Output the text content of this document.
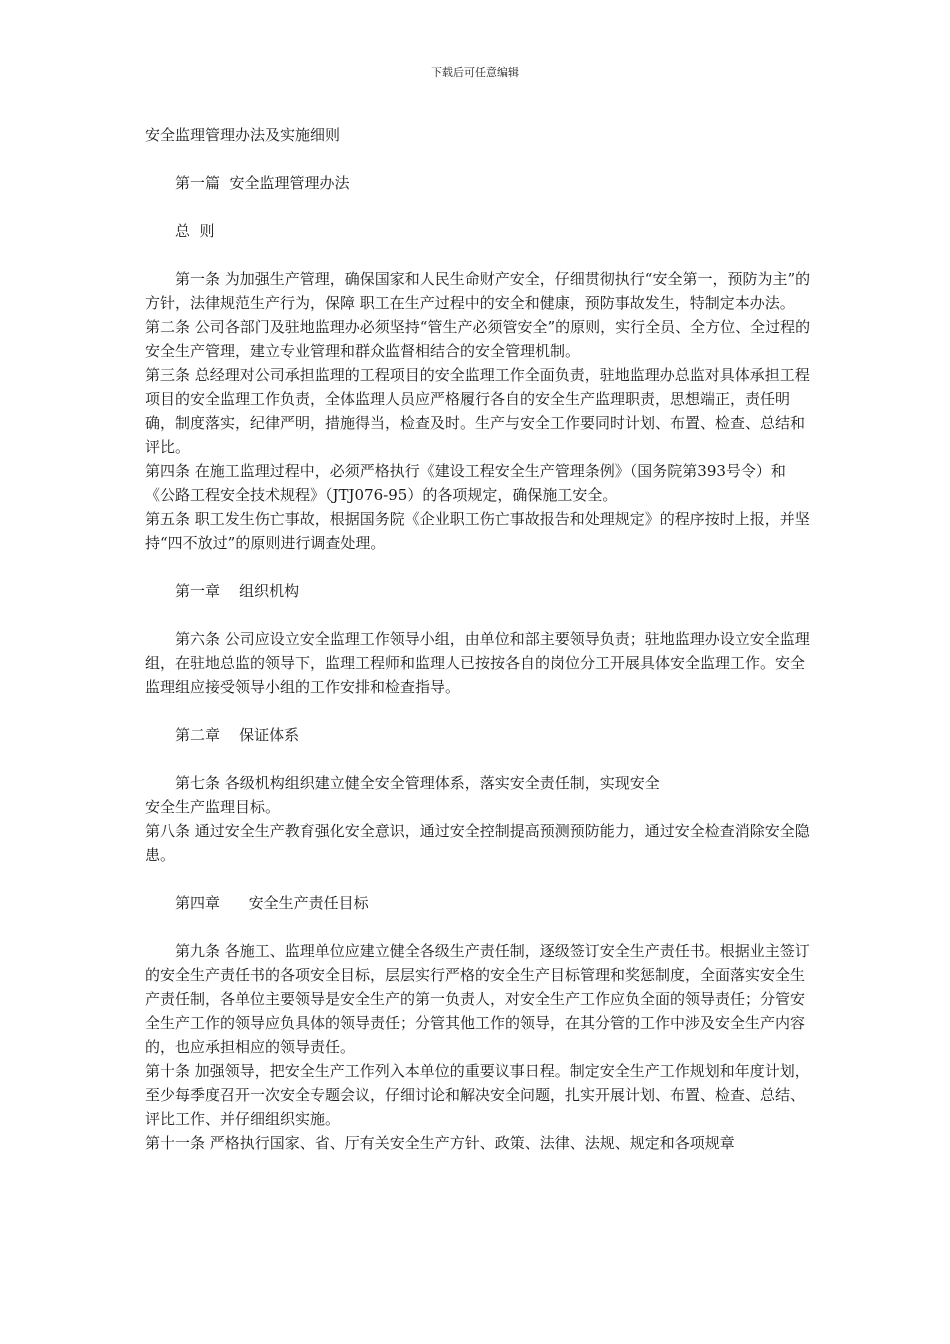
下载后可任意编辑

安全监理管理办法及实施细则

第一篇  安全监理管理办法

总  则

第一条 为加强生产管理，确保国家和人民生命财产安全，仔细贯彻执行“安全第一，预防为主”的方针，法律规范生产行为，保障 职工在生产过程中的安全和健康，预防事故发生，特制定本办法。

第二条 公司各部门及驻地监理办必须坚持“管生产必须管安全”的原则，实行全员、全方位、全过程的安全生产管理，建立专业管理和群众监督相结合的安全管理机制。

第三条 总经理对公司承担监理的工程项目的安全监理工作全面负责，驻地监理办总监对具体承担工程项目的安全监理工作负责，全体监理人员应严格履行各自的安全生产监理职责，思想端正，责任明确，制度落实，纪律严明，措施得当，检查及时。生产与安全工作要同时计划、布置、检查、总结和评比。

第四条 在施工监理过程中，必须严格执行《建设工程安全生产管理条例》（国务院第393号令）和《公路工程安全技术规程》（JTJ076-95）的各项规定，确保施工安全。

第五条 职工发生伤亡事故，根据国务院《企业职工伤亡事故报告和处理规定》的程序按时上报，并坚持“四不放过”的原则进行调查处理。

第一章    组织机构

第六条 公司应设立安全监理工作领导小组，由单位和部主要领导负责；驻地监理办设立安全监理组，在驻地总监的领导下，监理工程师和监理人已按按各自的岗位分工开展具体安全监理工作。安全监理组应接受领导小组的工作安排和检查指导。

第二章    保证体系

第七条 各级机构组织建立健全安全管理体系，落实安全责任制，实现安全

安全生产监理目标。

第八条 通过安全生产教育强化安全意识，通过安全控制提高预测预防能力，通过安全检查消除安全隐患。

第四章      安全生产责任目标

第九条 各施工、监理单位应建立健全各级生产责任制，逐级签订安全生产责任书。根据业主签订的安全生产责任书的各项安全目标，层层实行严格的安全生产目标管理和奖惩制度，全面落实安全生产责任制，各单位主要领导是安全生产的第一负责人，对安全生产工作应负全面的领导责任；分管安全生产工作的领导应负具体的领导责任；分管其他工作的领导，在其分管的工作中涉及安全生产内容的，也应承担相应的领导责任。

第十条 加强领导，把安全生产工作列入本单位的重要议事日程。制定安全生产工作规划和年度计划，至少每季度召开一次安全专题会议，仔细讨论和解决安全问题，扎实开展计划、布置、检查、总结、评比工作、并仔细组织实施。

第十一条 严格执行国家、省、厅有关安全生产方针、政策、法律、法规、规定和各项规章
